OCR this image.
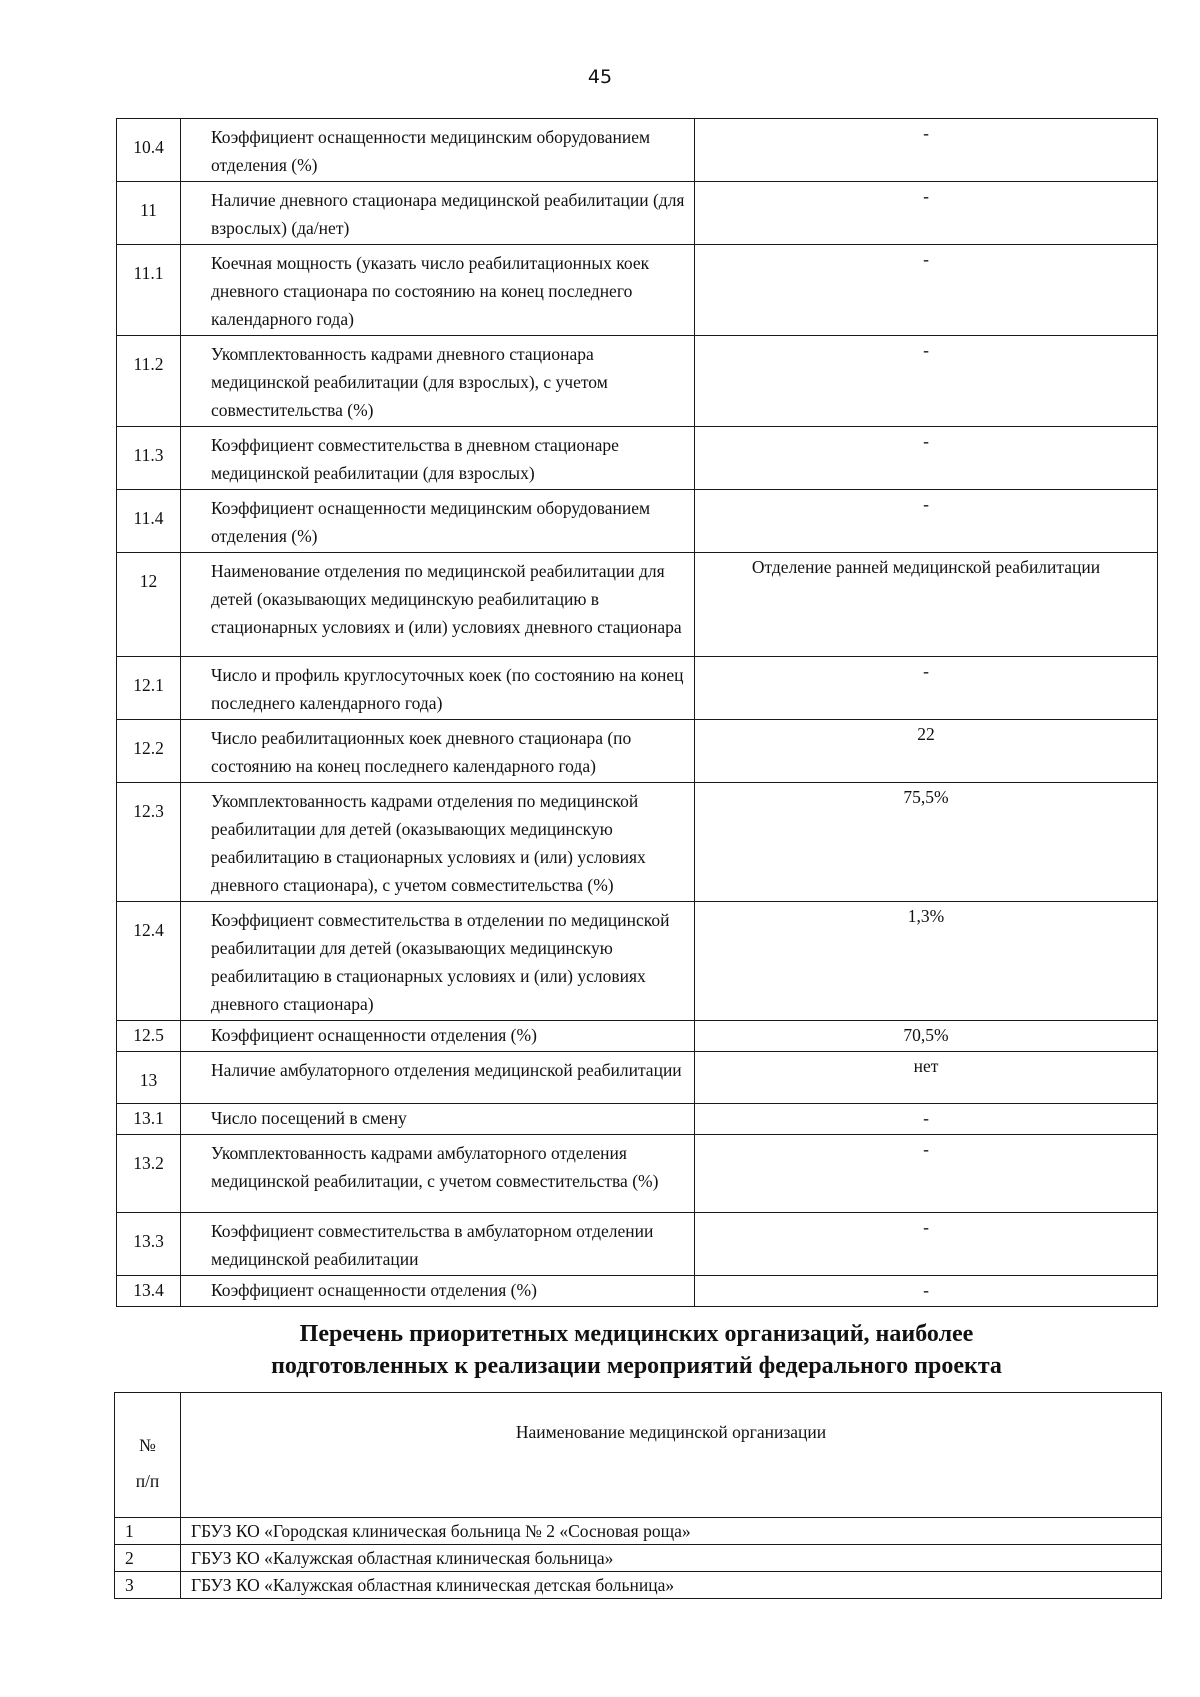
45
10.4	Коэффициент оснащенности медицинским оборудованием отделения (%)	-
11	Наличие дневного стационара медицинской реабилитации (для взрослых) (да/нет)	-
11.1	Коечная мощность (указать число реабилитационных коек дневного стационара по состоянию на конец последнего календарного года)	-
11.2	Укомплектованность кадрами дневного стационара медицинской реабилитации (для взрослых), с учетом совместительства (%)	-
11.3	Коэффициент совместительства в дневном стационаре медицинской реабилитации (для взрослых)	-
11.4	Коэффициент оснащенности медицинским оборудованием отделения (%)	-
12	Наименование отделения по медицинской реабилитации для детей (оказывающих медицинскую реабилитацию в стационарных условиях и (или) условиях дневного стационара	Отделение ранней медицинской реабилитации
12.1	Число и профиль круглосуточных коек (по состоянию на конец последнего календарного года)	-
12.2	Число реабилитационных коек дневного стационара (по состоянию на конец последнего календарного года)	22
12.3	Укомплектованность кадрами отделения по медицинской реабилитации для детей (оказывающих медицинскую реабилитацию в стационарных условиях и (или) условиях дневного стационара), с учетом совместительства (%)	75,5%
12.4	Коэффициент совместительства в отделении по медицинской реабилитации для детей (оказывающих медицинскую реабилитацию в стационарных условиях и (или) условиях дневного стационара)	1,3%
12.5	Коэффициент оснащенности отделения (%)	70,5%
13	Наличие амбулаторного отделения медицинской реабилитации	нет
13.1	Число посещений в смену	-
13.2	Укомплектованность кадрами амбулаторного отделения медицинской реабилитации, с учетом совместительства (%)	-
13.3	Коэффициент совместительства в амбулаторном отделении медицинской реабилитации	-
13.4	Коэффициент оснащенности отделения (%)	-
Перечень приоритетных медицинских организаций, наиболее
подготовленных к реализации мероприятий федерального проекта
№
п/п	Наименование медицинской организации
1	ГБУЗ КО «Городская клиническая больница № 2 «Сосновая роща»
2	ГБУЗ КО «Калужская областная клиническая больница»
3	ГБУЗ КО «Калужская областная клиническая детская больница»
